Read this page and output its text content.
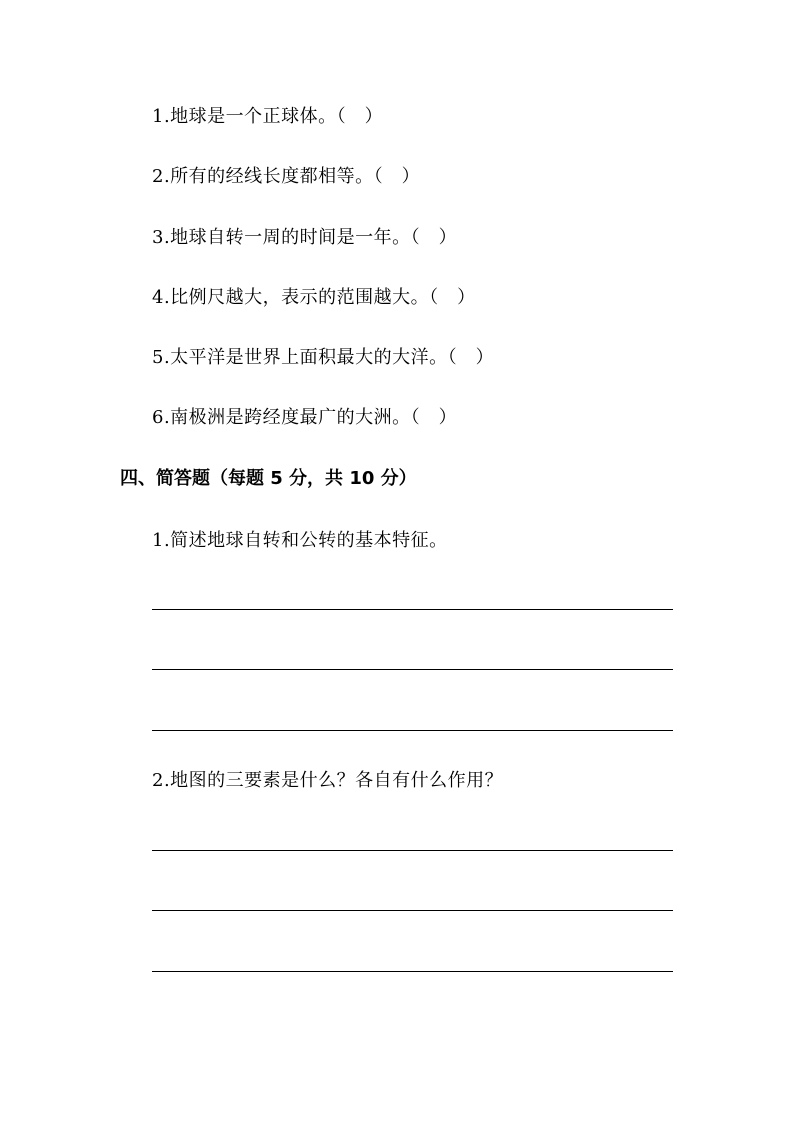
1.地球是一个正球体。（　）
2.所有的经线长度都相等。（　）
3.地球自转一周的时间是一年。（　）
4.比例尺越大，表示的范围越大。（　）
5.太平洋是世界上面积最大的大洋。（　）
6.南极洲是跨经度最广的大洲。（　）
四、简答题（每题 5 分，共 10 分）
1.简述地球自转和公转的基本特征。
2.地图的三要素是什么？各自有什么作用？
